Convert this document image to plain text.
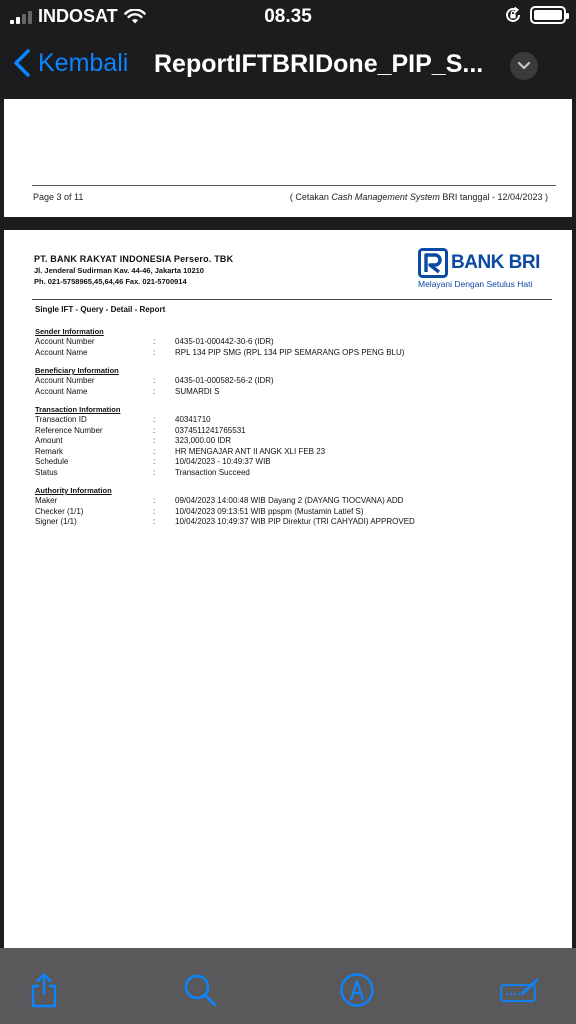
INDOSAT	08.35
Kembali ReportIFTBRIDone_PIP_S...
Page 3 of 11	( Cetakan Cash Management System BRI tanggal - 12/04/2023 )
PT. BANK RAKYAT INDONESIA Persero. TBK
Jl. Jenderal Sudirman Kav. 44-46, Jakarta 10210
Ph. 021-5758965,45,64,46 Fax. 021-5700914
BANK BRI
Melayani Dengan Setulus Hati
Single IFT - Query - Detail - Report
Sender Information
Account Number	:	0435-01-000442-30-6 (IDR)
Account Name	:	RPL 134 PIP SMG (RPL 134 PIP SEMARANG OPS PENG BLU)
Beneficiary Information
Account Number	:	0435-01-000582-56-2 (IDR)
Account Name	:	SUMARDI S
Transaction Information
Transaction ID	:	40341710
Reference Number	:	0374511241765531
Amount	:	323,000.00 IDR
Remark	:	HR MENGAJAR ANT II ANGK XLI FEB 23
Schedule	:	10/04/2023 - 10:49:37 WIB
Status	:	Transaction Succeed
Authority Information
Maker	:	09/04/2023 14:00:48 WIB Dayang 2 (DAYANG TIOCVANA) ADD
Checker (1/1)	:	10/04/2023 09:13:51 WIB ppspm (Mustamin Latief S)
Signer (1/1)	:	10/04/2023 10:49:37 WIB PIP Direktur (TRI CAHYADI) APPROVED
